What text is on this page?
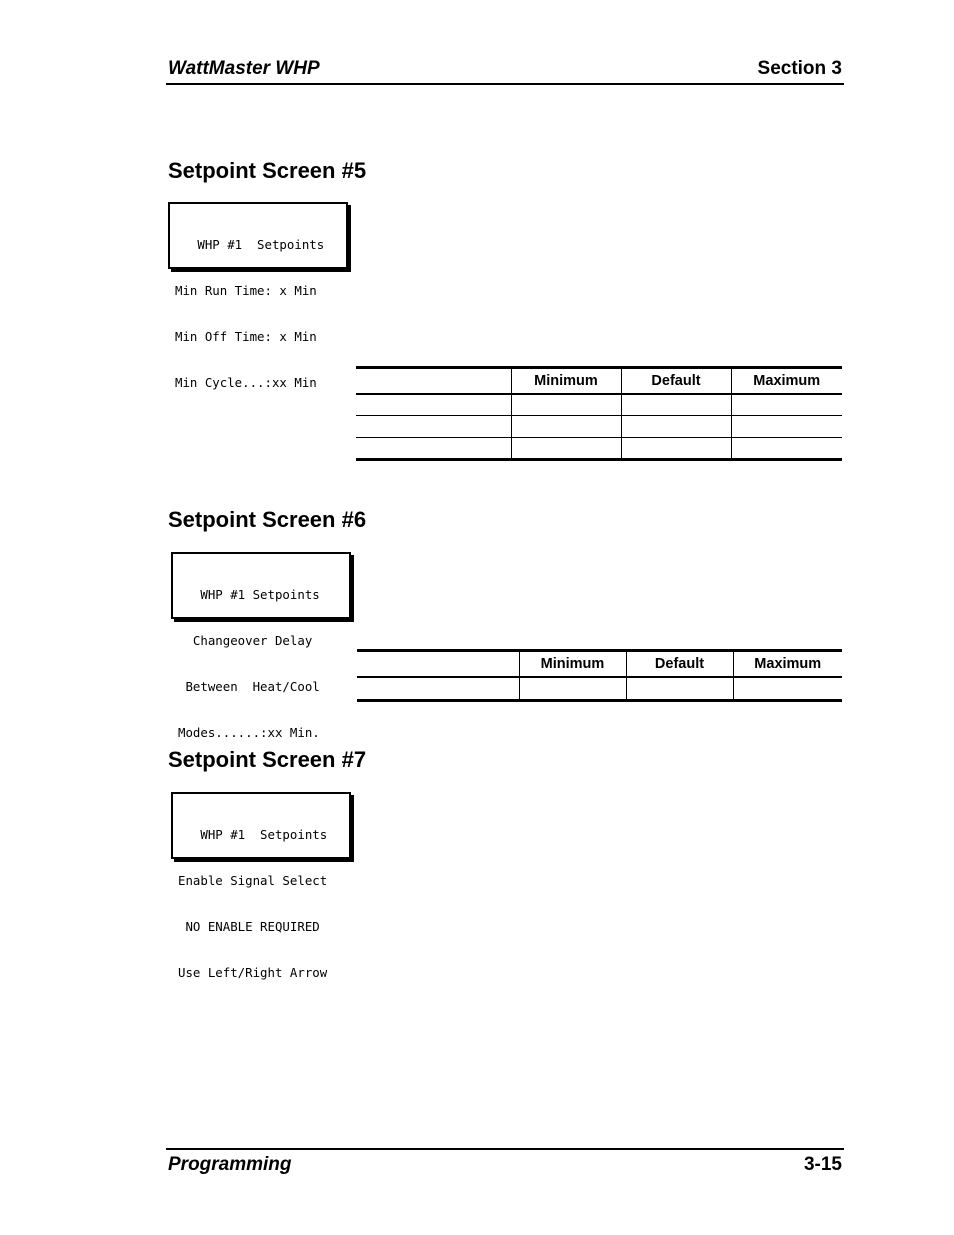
WattMaster WHP	Section 3
Setpoint Screen #5

WHP #1  Setpoints

Min Run Time: x Min

Min Off Time: x Min

Min Cycle...:xx Min

		Minimum	Default	Maximum

Setpoint Screen #6

WHP #1 Setpoints

Changeover Delay

Between  Heat/Cool

Modes......:xx Min.

	Minimum	Default	Maximum

Setpoint Screen #7

WHP #1  Setpoints

Enable Signal Select

NO ENABLE REQUIRED

Use Left/Right Arrow

Programming	3-15
